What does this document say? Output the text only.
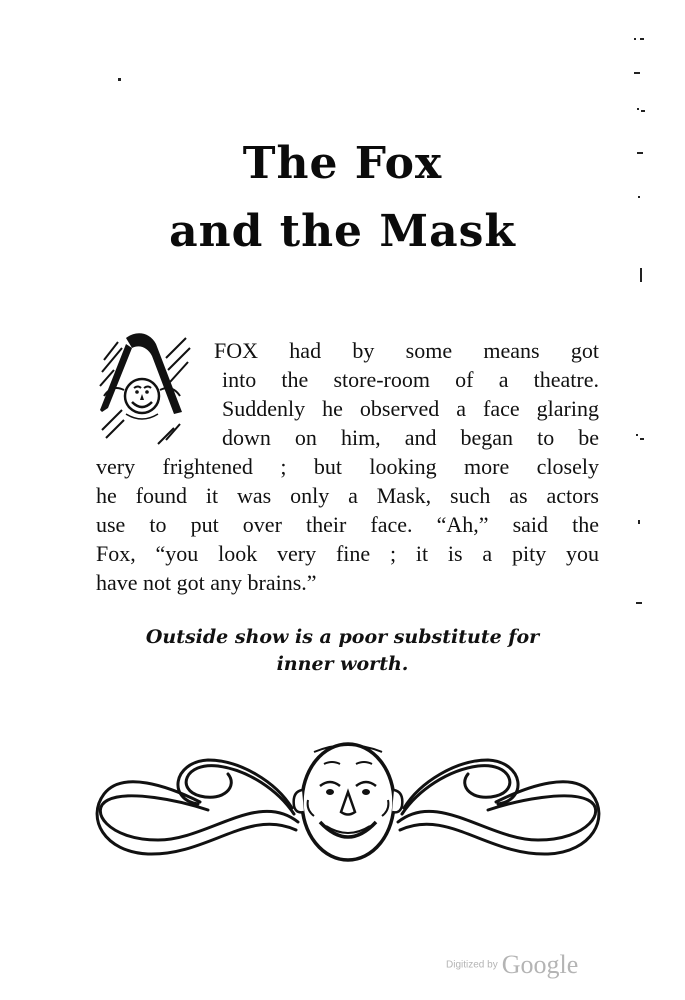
The Fox
and the Mask
FOX had by some means got
into the store-room of a theatre.
Suddenly he observed a face glaring
down on him, and began to be
very frightened ; but looking more closely
he found it was only a Mask, such as actors
use to put over their face. “Ah,” said the
Fox, “you look very fine ; it is a pity you
have not got any brains.”
Outside show is a poor substitute for
inner worth.
Digitized by Google
